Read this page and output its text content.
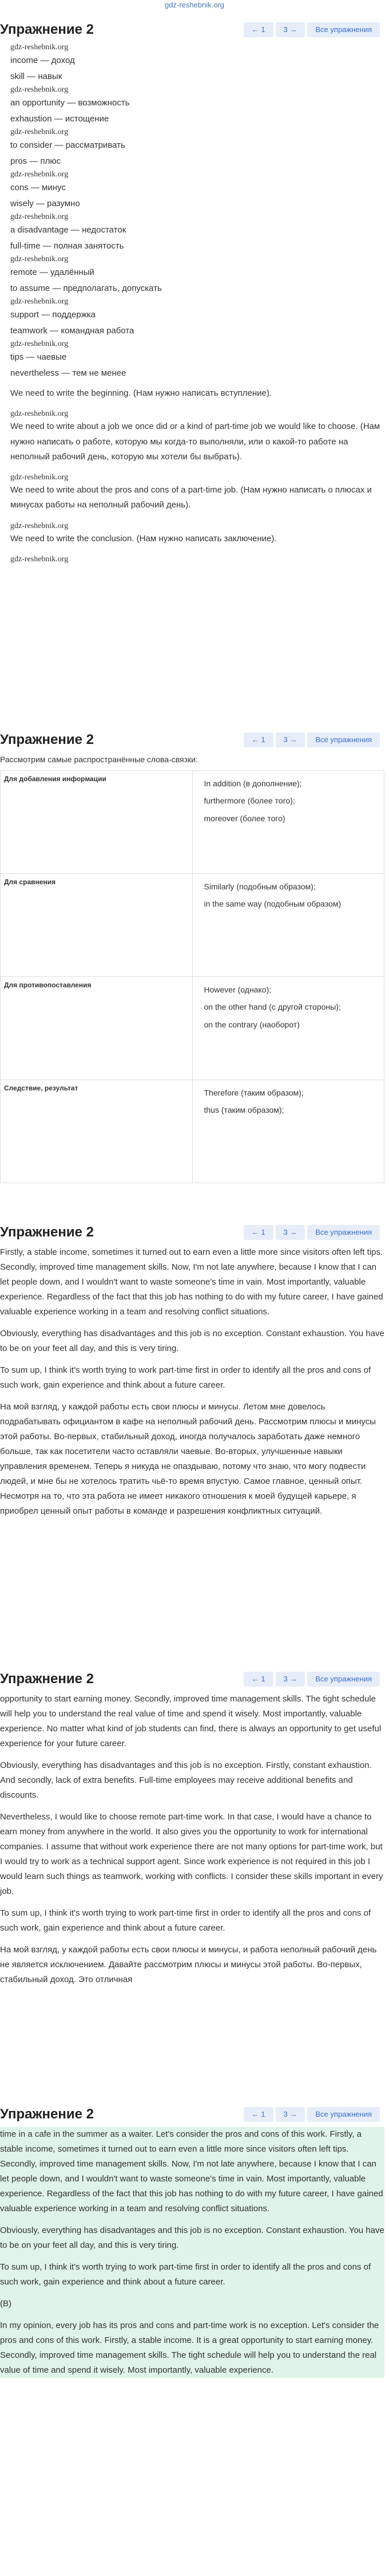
gdz-reshebnik.org
Упражнение 2	← 1	3 →	Все упражнения
gdz-reshebnik.org
income — доход
skill — навык
gdz-reshebnik.org
an opportunity — возможность
exhaustion — истощение
gdz-reshebnik.org
to consider — рассматривать
pros — плюс
gdz-reshebnik.org
cons — минус
wisely — разумно
gdz-reshebnik.org
a disadvantage — недостаток
full-time — полная занятость
gdz-reshebnik.org
remote — удалённый
to assume — предполагать, допускать
gdz-reshebnik.org
support — поддержка
teamwork — командная работа
gdz-reshebnik.org
tips — чаевые
nevertheless — тем не менее
We need to write the beginning. (Нам нужно написать вступление).
gdz-reshebnik.org
We need to write about a job we once did or a kind of part-time job we would like to choose. (Нам нужно написать о работе, которую мы когда-то выполняли, или о какой-то работе на неполный рабочий день, которую мы хотели бы выбрать).
gdz-reshebnik.org
We need to write about the pros and cons of a part-time job. (Нам нужно написать о плюсах и минусах работы на неполный рабочий день).
gdz-reshebnik.org
We need to write the conclusion. (Нам нужно написать заключение).
gdz-reshebnik.org
Упражнение 2	← 1	3 →	Все упражнения
Рассмотрим самые распространённые слова-связки:
Для добавления информации	In addition (в дополнение);
furthermore (более того);
moreover (более того)

Для сравнения	Similarly (подобным образом);
in the same way (подобным образом)

Для противопоставления	However (однако);
on the other hand (с другой стороны);
on the contrary (наоборот)

Следствие, результат	Therefore (таким образом);
thus (таким образом);
Упражнение 2	← 1	3 →	Все упражнения

Firstly, a stable income, sometimes it turned out to earn even a little more since visitors often left tips. Secondly, improved time management skills. Now, I'm not late anywhere, because I know that I can let people down, and I wouldn't want to waste someone's time in vain. Most importantly, valuable experience. Regardless of the fact that this job has nothing to do with my future career, I have gained valuable experience working in a team and resolving conflict situations.

Obviously, everything has disadvantages and this job is no exception. Constant exhaustion. You have to be on your feet all day, and this is very tiring.

To sum up, I think it's worth trying to work part-time first in order to identify all the pros and cons of such work, gain experience and think about a future career.

На мой взгляд, у каждой работы есть свои плюсы и минусы. Летом мне довелось подрабатывать официантом в кафе на неполный рабочий день. Рассмотрим плюсы и минусы этой работы. Во-первых, стабильный доход, иногда получалось заработать даже немного больше, так как посетители часто оставляли чаевые. Во-вторых, улучшенные навыки управления временем. Теперь я никуда не опаздываю, потому что знаю, что могу подвести людей, и мне бы не хотелось тратить чьё-то время впустую. Самое главное, ценный опыт. Несмотря на то, что эта работа не имеет никакого отношения к моей будущей карьере, я приобрел ценный опыт работы в команде и разрешения конфликтных ситуаций.

Упражнение 2	← 1	3 →	Все упражнения

opportunity to start earning money. Secondly, improved time management skills. The tight schedule will help you to understand the real value of time and spend it wisely. Most importantly, valuable experience. No matter what kind of job students can find, there is always an opportunity to get useful experience for your future career.

Obviously, everything has disadvantages and this job is no exception. Firstly, constant exhaustion. And secondly, lack of extra benefits. Full-time employees may receive additional benefits and discounts.

Nevertheless, I would like to choose remote part-time work. In that case, I would have a chance to earn money from anywhere in the world. It also gives you the opportunity to work for international companies. I assume that without work experience there are not many options for part-time work, but I would try to work as a technical support agent. Since work experience is not required in this job I would learn such things as teamwork, working with conflicts. I consider these skills important in every job.

To sum up, I think it's worth trying to work part-time first in order to identify all the pros and cons of such work, gain experience and think about a future career.

На мой взгляд, у каждой работы есть свои плюсы и минусы, и работа неполный рабочий день не является исключением. Давайте рассмотрим плюсы и минусы этой работы. Во-первых, стабильный доход. Это отличная

Упражнение 2	← 1	3 →	Все упражнения

time in a cafe in the summer as a waiter. Let's consider the pros and cons of this work. Firstly, a stable income, sometimes it turned out to earn even a little more since visitors often left tips. Secondly, improved time management skills. Now, I'm not late anywhere, because I know that I can let people down, and I wouldn't want to waste someone's time in vain. Most importantly, valuable experience. Regardless of the fact that this job has nothing to do with my future career, I have gained valuable experience working in a team and resolving conflict situations.

Obviously, everything has disadvantages and this job is no exception. Constant exhaustion. You have to be on your feet all day, and this is very tiring.

To sum up, I think it's worth trying to work part-time first in order to identify all the pros and cons of such work, gain experience and think about a future career.

(B)

In my opinion, every job has its pros and cons and part-time work is no exception. Let's consider the pros and cons of this work. Firstly, a stable income. It is a great opportunity to start earning money. Secondly, improved time management skills. The tight schedule will help you to understand the real value of time and spend it wisely. Most importantly, valuable experience.
